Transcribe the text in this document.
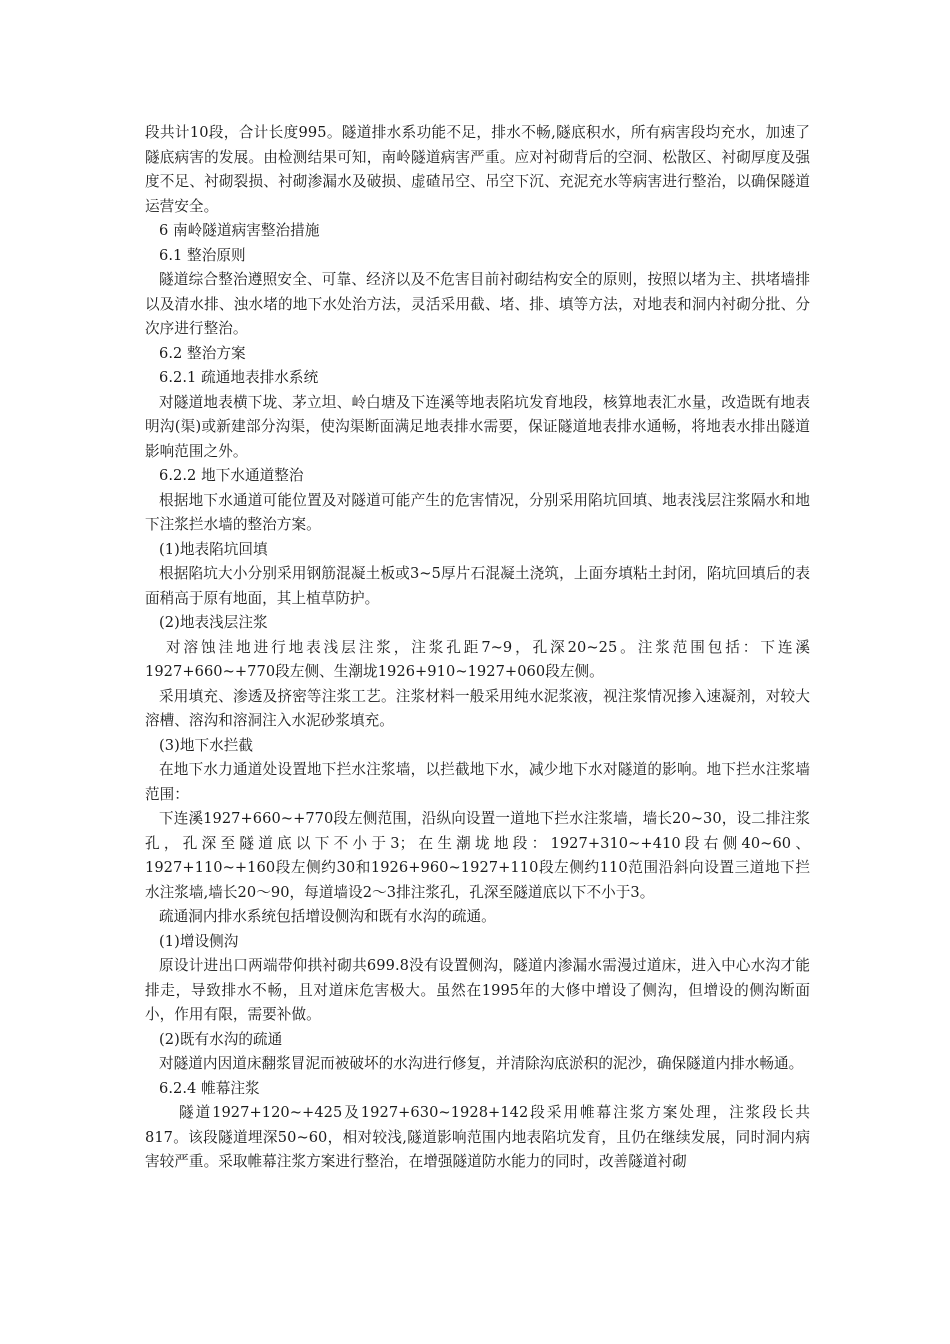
段共计10段，合计长度995。隧道排水系功能不足，排水不畅,隧底积水，所有病害段均充水，加速了隧底病害的发展。由检测结果可知，南岭隧道病害严重。应对衬砌背后的空洞、松散区、衬砌厚度及强度不足、衬砌裂损、衬砌渗漏水及破损、虚碴吊空、吊空下沉、充泥充水等病害进行整治，以确保隧道运营安全。

6 南岭隧道病害整治措施

6.1 整治原则

隧道综合整治遵照安全、可靠、经济以及不危害目前衬砌结构安全的原则，按照以堵为主、拱堵墙排以及清水排、浊水堵的地下水处治方法，灵活采用截、堵、排、填等方法，对地表和洞内衬砌分批、分次序进行整治。

6.2 整治方案

6.2.1 疏通地表排水系统

对隧道地表横下垅、茅立坦、岭白塘及下连溪等地表陷坑发育地段，核算地表汇水量，改造既有地表明沟(渠)或新建部分沟渠，使沟渠断面满足地表排水需要，保证隧道地表排水通畅，将地表水排出隧道影响范围之外。

6.2.2 地下水通道整治

根据地下水通道可能位置及对隧道可能产生的危害情况，分别采用陷坑回填、地表浅层注浆隔水和地下注浆拦水墙的整治方案。

(1)地表陷坑回填

根据陷坑大小分别采用钢筋混凝土板或3~5厚片石混凝土浇筑，上面夯填粘土封闭，陷坑回填后的表面稍高于原有地面，其上植草防护。

(2)地表浅层注浆

对溶蚀洼地进行地表浅层注浆，注浆孔距7~9，孔深20~25。注浆范围包括：下连溪1927+660~+770段左侧、生潮垅1926+910~1927+060段左侧。

采用填充、渗透及挤密等注浆工艺。注浆材料一般采用纯水泥浆液，视注浆情况掺入速凝剂，对较大溶槽、溶沟和溶洞注入水泥砂浆填充。

(3)地下水拦截

在地下水力通道处设置地下拦水注浆墙，以拦截地下水，减少地下水对隧道的影响。地下拦水注浆墙范围：

下连溪1927+660~+770段左侧范围，沿纵向设置一道地下拦水注浆墙，墙长20~30，设二排注浆孔，孔深至隧道底以下不小于3；在生潮垅地段：1927+310~+410段右侧40~60、1927+110~+160段左侧约30和1926+960~1927+110段左侧约110范围沿斜向设置三道地下拦水注浆墙,墙长20～90，每道墙设2～3排注浆孔，孔深至隧道底以下不小于3。

疏通洞内排水系统包括增设侧沟和既有水沟的疏通。

(1)增设侧沟

原设计进出口两端带仰拱衬砌共699.8没有设置侧沟，隧道内渗漏水需漫过道床，进入中心水沟才能排走，导致排水不畅，且对道床危害极大。虽然在1995年的大修中增设了侧沟，但增设的侧沟断面小，作用有限，需要补做。

(2)既有水沟的疏通

对隧道内因道床翻浆冒泥而被破坏的水沟进行修复，并清除沟底淤积的泥沙，确保隧道内排水畅通。

6.2.4 帷幕注浆

隧道1927+120~+425及1927+630~1928+142段采用帷幕注浆方案处理，注浆段长共817。该段隧道埋深50~60，相对较浅,隧道影响范围内地表陷坑发育，且仍在继续发展，同时洞内病害较严重。采取帷幕注浆方案进行整治，在增强隧道防水能力的同时，改善隧道衬砌
